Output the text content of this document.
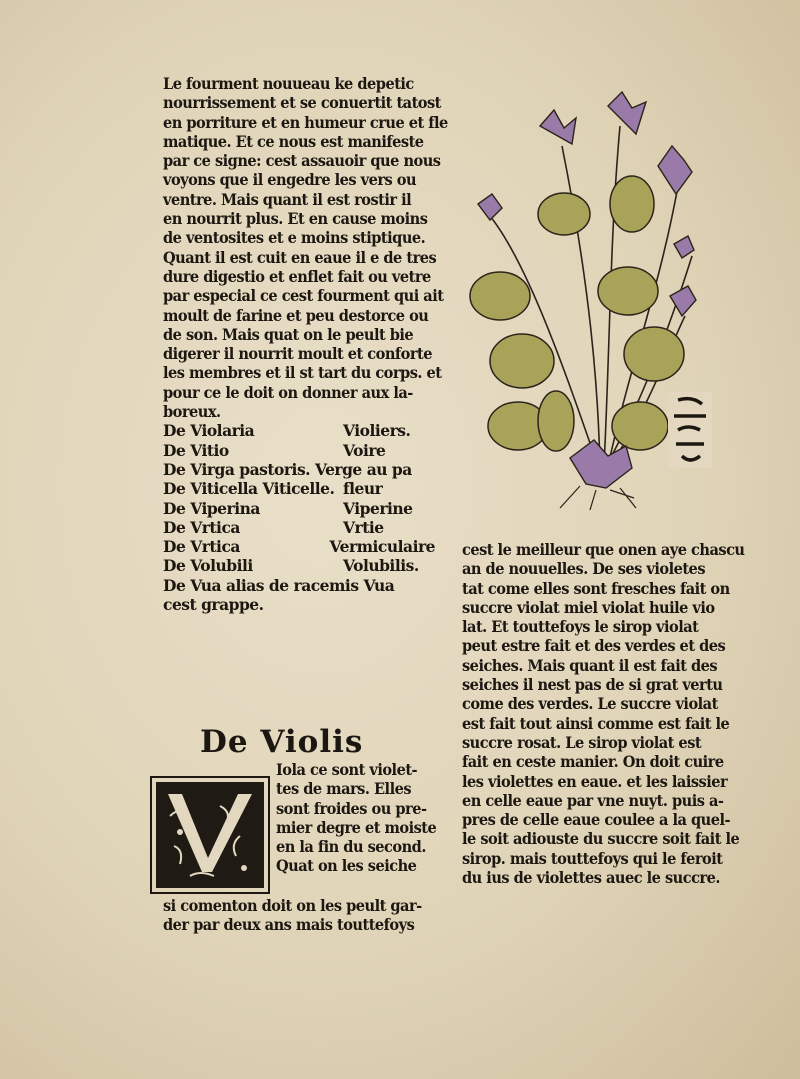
Le fourment nouueau ke depetic
nourrissement et se conuertit tatost
en porriture et en humeur crue et fle
matique. Et ce nous est manifeste
par ce signe: cest assauoir que nous
voyons que il engedre les vers ou
ventre. Mais quant il est rostir il
en nourrit plus. Et en cause moins
de ventosites et e moins stiptique.
Quant il est cuit en eaue il e de tres
dure digestio et enflet fait ou vetre
par especial ce cest fourment qui ait
moult de farine et peu destorce ou
de son. Mais quat on le peult bie
digerer il nourrit moult et conforte
les membres et il st tart du corps. et
pour ce le doit on donner aux la-
boreux.
De Violaria	Violiers.
De Vitio	Voire
De Virga pastoris. Verge au pa
De Viticella Viticelle. fleur
De Viperina	Viperine
De Vrtica	Vrtie
De Vrtica	Vermiculaire
De Volubili	Volubilis.
De Vua alias de racemis Vua
cest grappe.
De Violis
Iola ce sont violet-
tes de mars. Elles
sont froides ou pre-
mier degre et moiste
en la fin du second.
Quat on les seiche
si comenton doit on les peult gar-
der par deux ans mais touttefoys
cest le meilleur que onen aye chascu
an de nouuelles. De ses violetes
tat come elles sont fresches fait on
succre violat miel violat huile vio
lat. Et touttefoys le sirop violat
peut estre fait et des verdes et des
seiches. Mais quant il est fait des
seiches il nest pas de si grat vertu
come des verdes. Le succre violat
est fait tout ainsi comme est fait le
succre rosat. Le sirop violat est
fait en ceste manier. On doit cuire
les violettes en eaue. et les laissier
en celle eaue par vne nuyt. puis a-
pres de celle eaue coulee a la quel-
le soit adiouste du succre soit fait le
sirop. mais touttefoys qui le feroit
du ius de violettes auec le succre.
